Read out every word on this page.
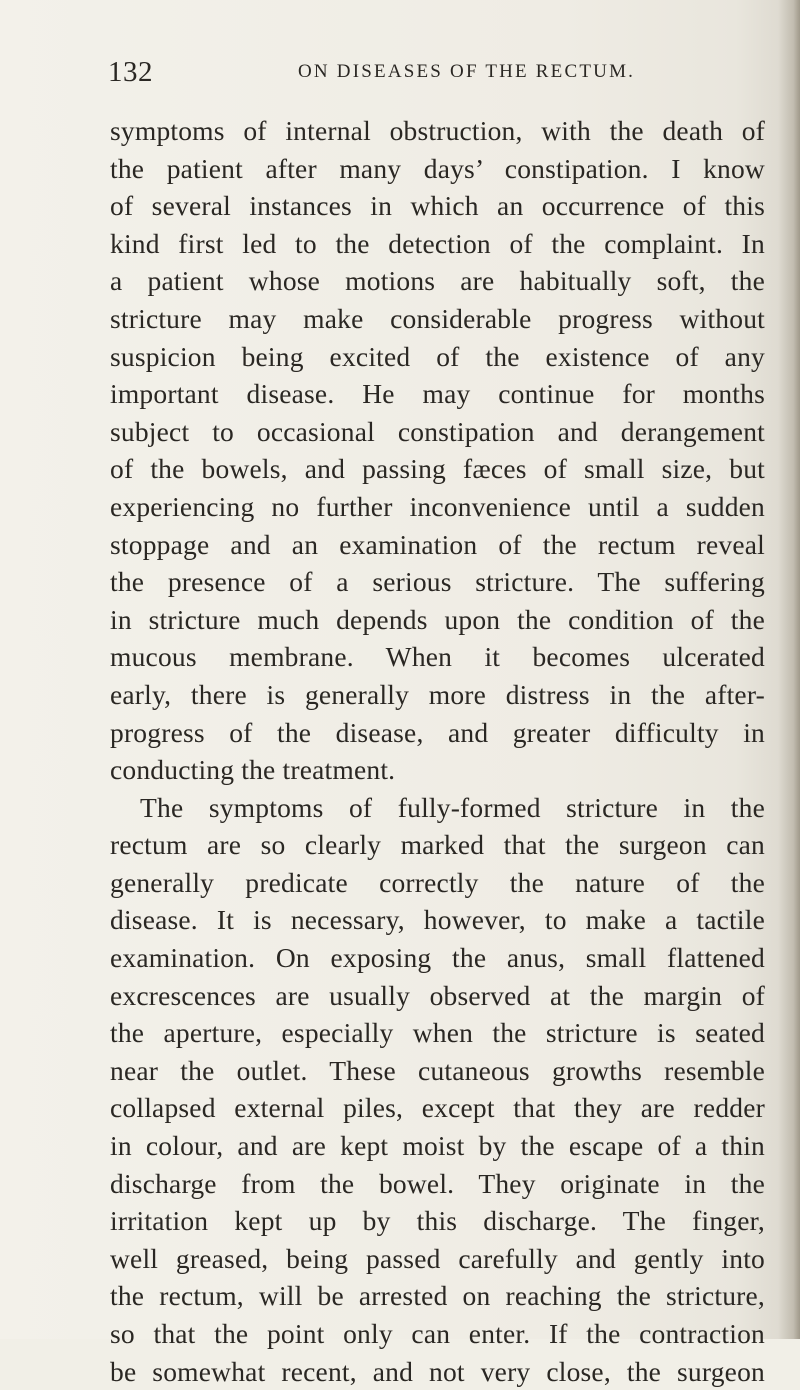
132	ON DISEASES OF THE RECTUM.
symptoms of internal obstruction, with the death of
the patient after many days’ constipation. I know
of several instances in which an occurrence of this
kind first led to the detection of the complaint. In
a patient whose motions are habitually soft, the
stricture may make considerable progress without
suspicion being excited of the existence of any
important disease. He may continue for months
subject to occasional constipation and derangement
of the bowels, and passing fæces of small size, but
experiencing no further inconvenience until a sudden
stoppage and an examination of the rectum reveal
the presence of a serious stricture. The suffering
in stricture much depends upon the condition of the
mucous membrane. When it becomes ulcerated
early, there is generally more distress in the after-
progress of the disease, and greater difficulty in
conducting the treatment.
The symptoms of fully-formed stricture in the
rectum are so clearly marked that the surgeon can
generally predicate correctly the nature of the
disease. It is necessary, however, to make a tactile
examination. On exposing the anus, small flattened
excrescences are usually observed at the margin of
the aperture, especially when the stricture is seated
near the outlet. These cutaneous growths resemble
collapsed external piles, except that they are redder
in colour, and are kept moist by the escape of a thin
discharge from the bowel. They originate in the
irritation kept up by this discharge. The finger,
well greased, being passed carefully and gently into
the rectum, will be arrested on reaching the stricture,
so that the point only can enter. If the contraction
be somewhat recent, and not very close, the surgeon
